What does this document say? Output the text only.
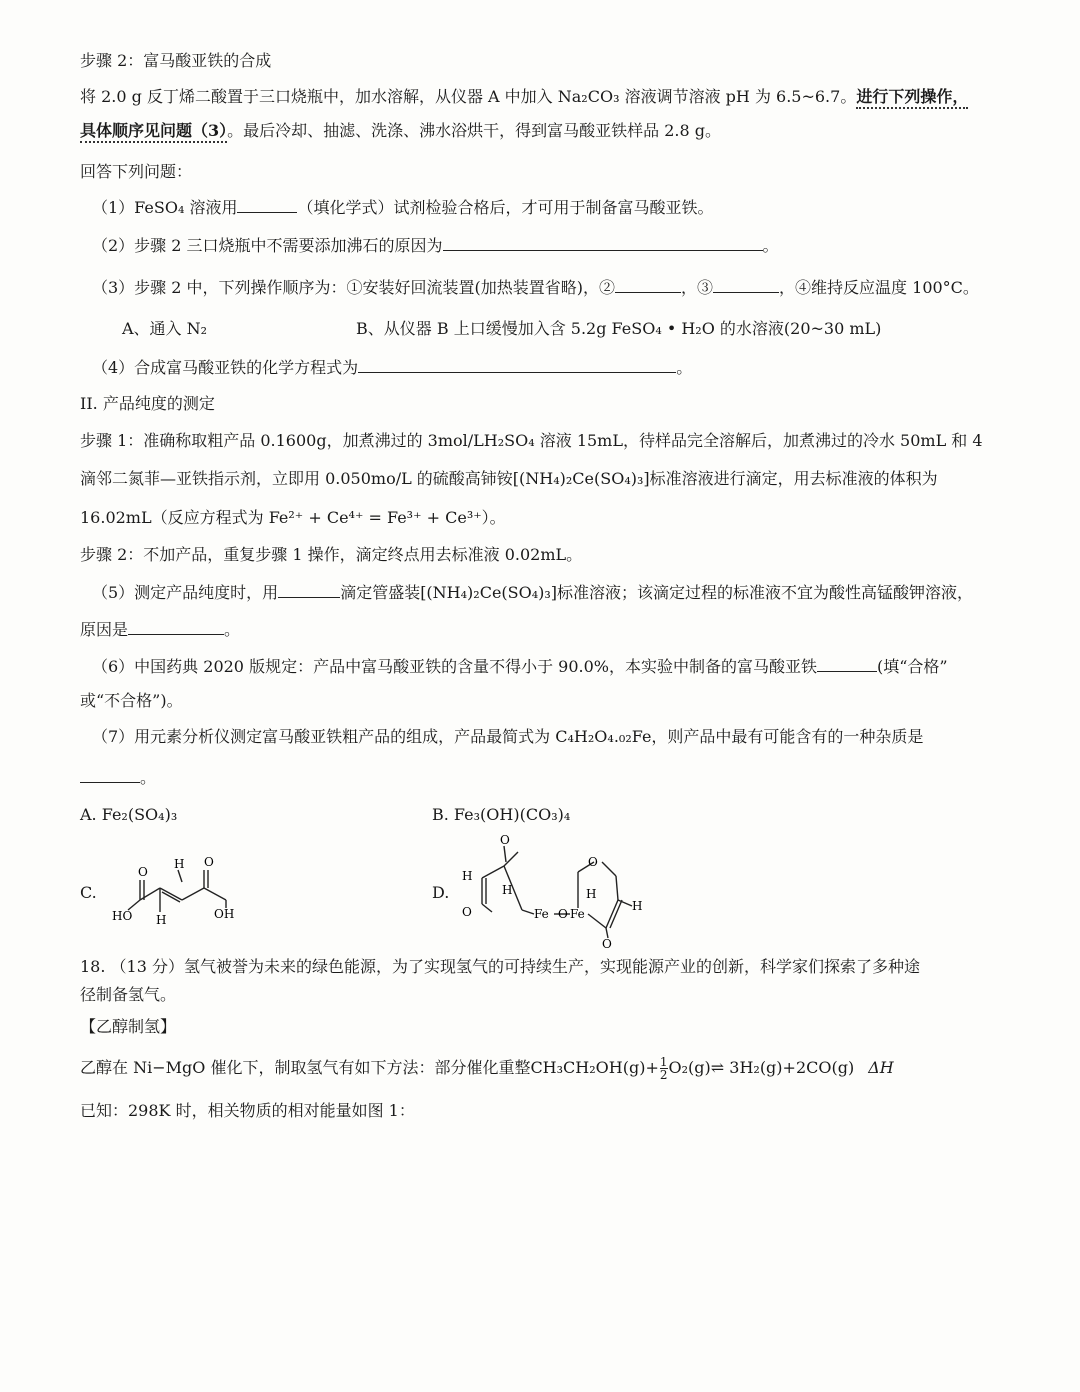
步骤 2：富马酸亚铁的合成
将 2.0 g 反丁烯二酸置于三口烧瓶中，加水溶解，从仪器 A 中加入 Na₂CO₃ 溶液调节溶液 pH 为 6.5~6.7。进行下列操作，
具体顺序见问题（3）。最后冷却、抽滤、洗涤、沸水浴烘干，得到富马酸亚铁样品 2.8 g。
回答下列问题：
（1）FeSO₄ 溶液用	（填化学式）试剂检验合格后，才可用于制备富马酸亚铁。
（2）步骤 2 三口烧瓶中不需要添加沸石的原因为	。
（3）步骤 2 中，下列操作顺序为：①安装好回流装置(加热装置省略)，②	，③	，④维持反应温度 100°C。
A、通入 N₂	B、从仪器 B 上口缓慢加入含 5.2g FeSO₄ • H₂O 的水溶液(20~30 mL)
（4）合成富马酸亚铁的化学方程式为	。
II. 产品纯度的测定
步骤 1：准确称取粗产品 0.1600g，加煮沸过的 3mol/LH₂SO₄ 溶液 15mL，待样品完全溶解后，加煮沸过的冷水 50mL 和 4
滴邻二氮菲—亚铁指示剂，立即用 0.050mo/L 的硫酸高铈铵[(NH₄)₂Ce(SO₄)₃]标准溶液进行滴定，用去标准液的体积为
16.02mL（反应方程式为 Fe²⁺ + Ce⁴⁺ = Fe³⁺ + Ce³⁺）。
步骤 2：不加产品，重复步骤 1 操作，滴定终点用去标准液 0.02mL。
（5）测定产品纯度时，用	滴定管盛装[(NH₄)₂Ce(SO₄)₃]标准溶液；该滴定过程的标准液不宜为酸性高锰酸钾溶液，
原因是	。
（6）中国药典 2020 版规定：产品中富马酸亚铁的含量不得小于 90.0%，本实验中制备的富马酸亚铁	(填“合格”
或“不合格”)。
（7）用元素分析仪测定富马酸亚铁粗产品的组成，产品最简式为 C₄H₂O₄.₀₂Fe，则产品中最有可能含有的一种杂质是
。
A. Fe₂(SO₄)₃	B. Fe₃(OH)(CO₃)₄
C.
O
H O
HO H	OH
D.
O
H
H
O	Fe O Fe
O
H
H
O
18. （13 分）氢气被誉为未来的绿色能源，为了实现氢气的可持续生产，实现能源产业的创新，科学家们探索了多种途
径制备氢气。
【乙醇制氢】
乙醇在 Ni−MgO 催化下，制取氢气有如下方法：部分催化重整$CH_3CH_2OH(g)+ \frac{1}{2}$ O₂(g)⇌ 3H₂(g)+2CO(g) ΔH
已知：298K 时，相关物质的相对能量如图 1：
